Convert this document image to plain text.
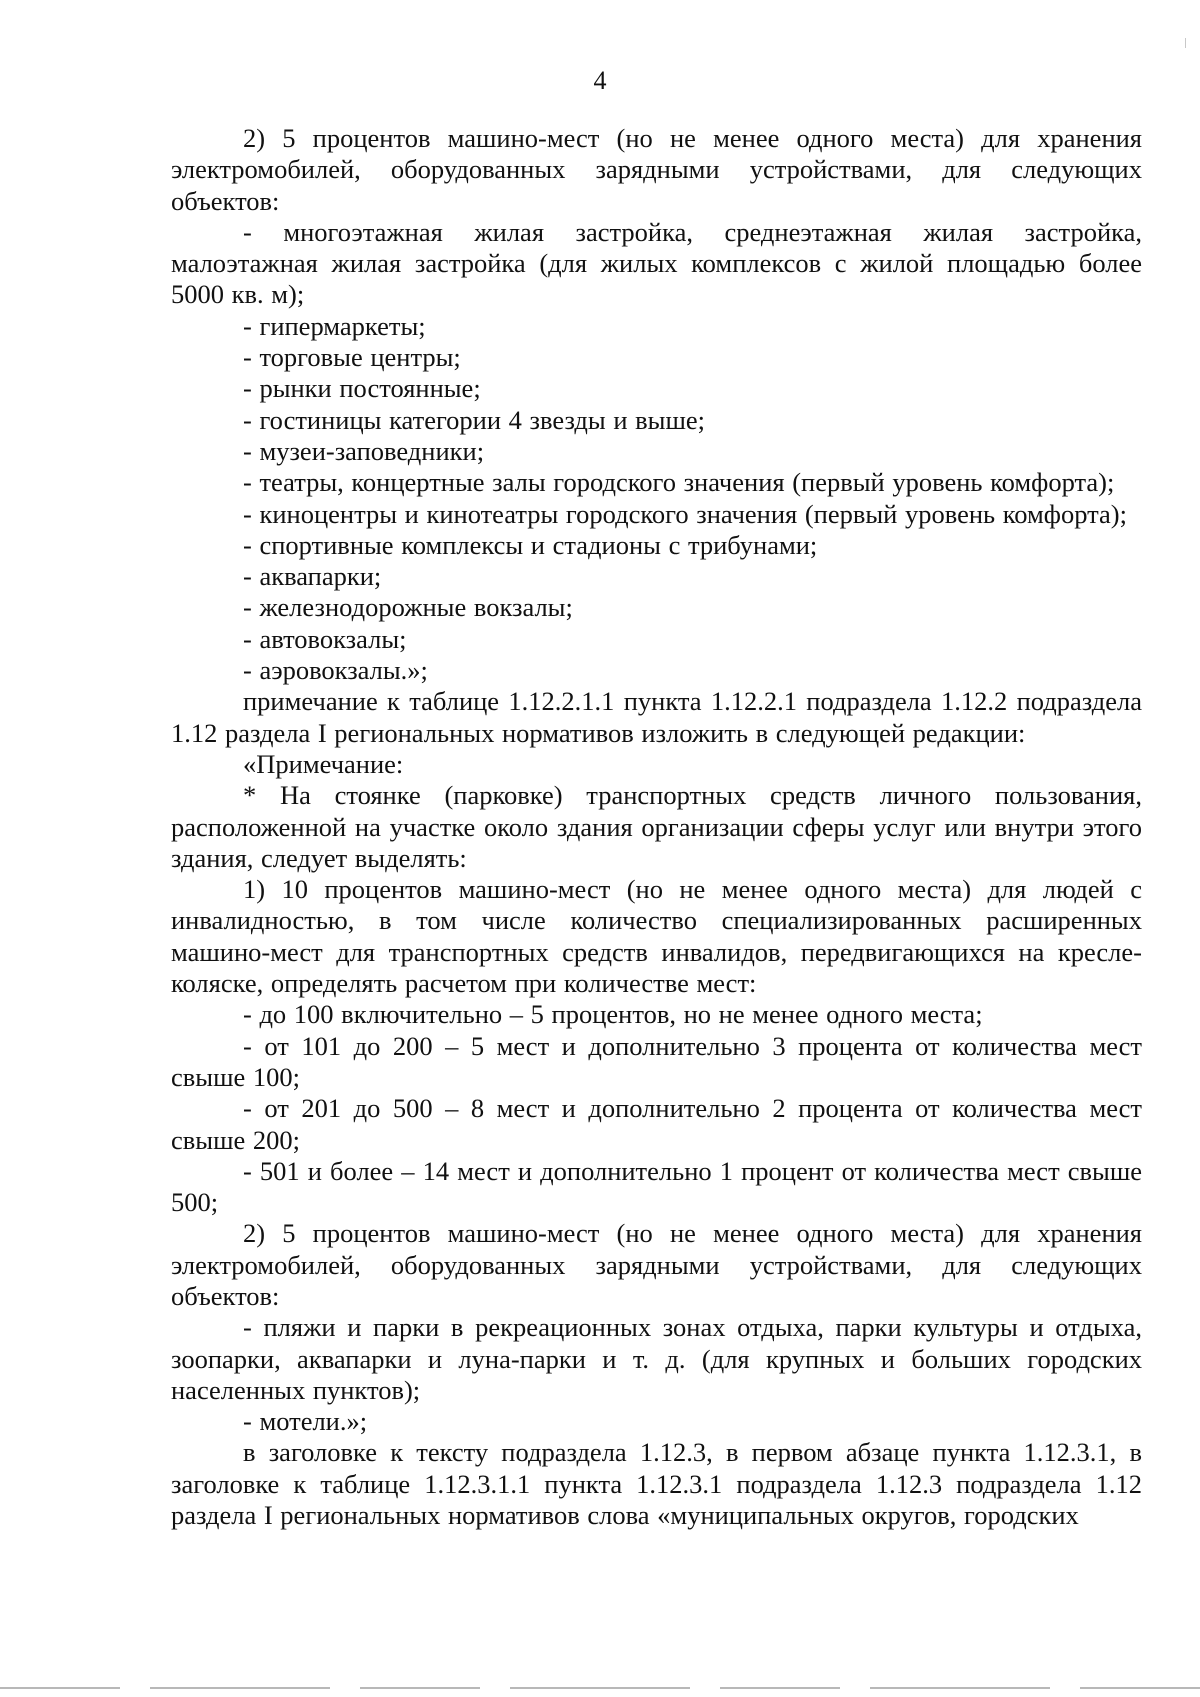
4

2) 5 процентов машино-мест (но не менее одного места) для хранения электромобилей, оборудованных зарядными устройствами, для следующих объектов:

- многоэтажная жилая застройка, среднеэтажная жилая застройка, малоэтажная жилая застройка (для жилых комплексов с жилой площадью более 5000 кв. м);

- гипермаркеты;

- торговые центры;

- рынки постоянные;

- гостиницы категории 4 звезды и выше;

- музеи-заповедники;

- театры, концертные залы городского значения (первый уровень комфорта);

- киноцентры и кинотеатры городского значения (первый уровень комфорта);

- спортивные комплексы и стадионы с трибунами;

- аквапарки;

- железнодорожные вокзалы;

- автовокзалы;

- аэровокзалы.»;

примечание к таблице 1.12.2.1.1 пункта 1.12.2.1 подраздела 1.12.2 подраздела 1.12 раздела I региональных нормативов изложить в следующей редакции:

«Примечание:

* На стоянке (парковке) транспортных средств личного пользования, расположенной на участке около здания организации сферы услуг или внутри этого здания, следует выделять:

1) 10 процентов машино-мест (но не менее одного места) для людей с инвалидностью, в том числе количество специализированных расширенных машино-мест для транспортных средств инвалидов, передвигающихся на кресле-коляске, определять расчетом при количестве мест:

- до 100 включительно – 5 процентов, но не менее одного места;

- от 101 до 200 – 5 мест и дополнительно 3 процента от количества мест свыше 100;

- от 201 до 500 – 8 мест и дополнительно 2 процента от количества мест свыше 200;

- 501 и более – 14 мест и дополнительно 1 процент от количества мест свыше 500;

2) 5 процентов машино-мест (но не менее одного места) для хранения электромобилей, оборудованных зарядными устройствами, для следующих объектов:

- пляжи и парки в рекреационных зонах отдыха, парки культуры и отдыха, зоопарки, аквапарки и луна-парки и т. д. (для крупных и больших городских населенных пунктов);

- мотели.»;

в заголовке к тексту подраздела 1.12.3, в первом абзаце пункта 1.12.3.1, в заголовке к таблице 1.12.3.1.1 пункта 1.12.3.1 подраздела 1.12.3 подраздела 1.12 раздела I региональных нормативов слова «муниципальных округов, городских
